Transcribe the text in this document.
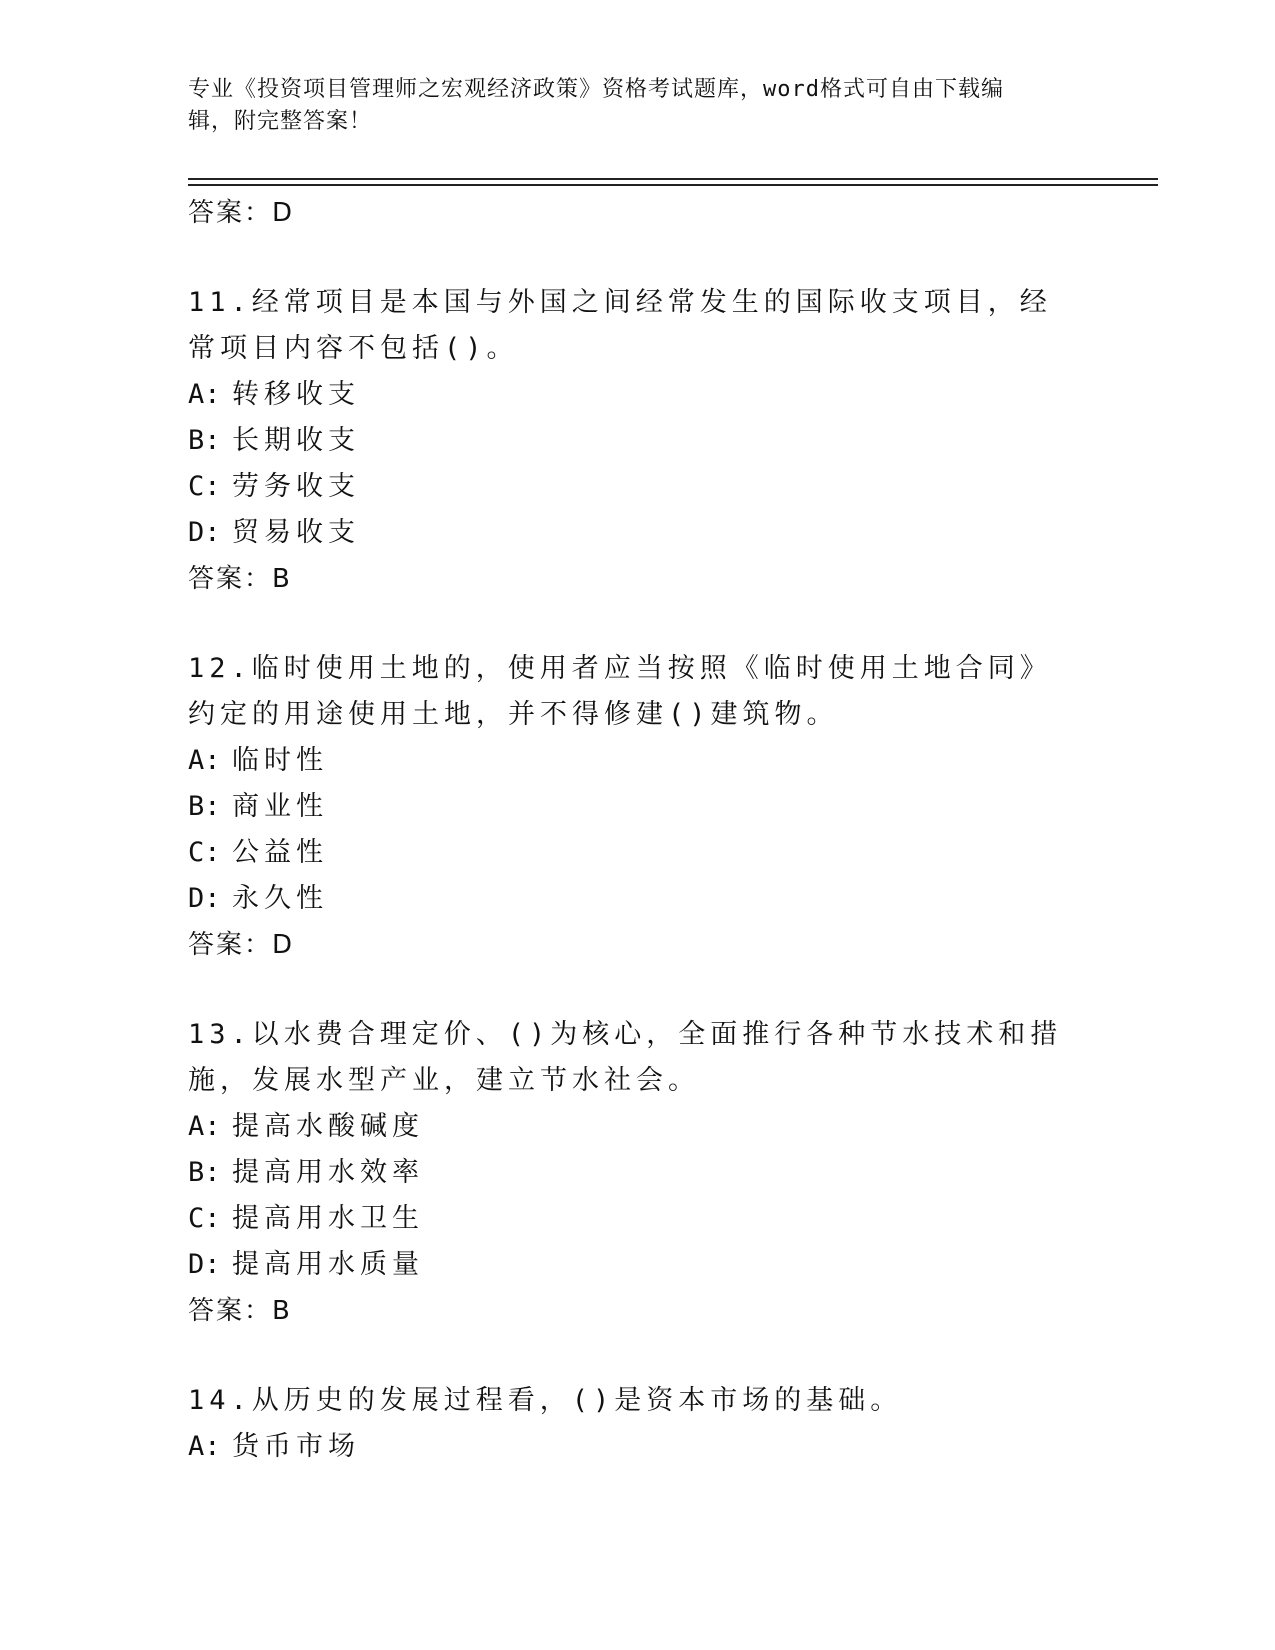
专业《投资项目管理师之宏观经济政策》资格考试题库，word格式可自由下载编
辑，附完整答案！
答案：D
11.经常项目是本国与外国之间经常发生的国际收支项目，经常项目内容不包括()。
A: 转移收支
B: 长期收支
C: 劳务收支
D: 贸易收支
答案：B
12.临时使用土地的，使用者应当按照《临时使用土地合同》约定的用途使用土地，并不得修建()建筑物。
A: 临时性
B: 商业性
C: 公益性
D: 永久性
答案：D
13.以水费合理定价、()为核心，全面推行各种节水技术和措施，发展水型产业，建立节水社会。
A: 提高水酸碱度
B: 提高用水效率
C: 提高用水卫生
D: 提高用水质量
答案：B
14.从历史的发展过程看，()是资本市场的基础。
A: 货币市场
